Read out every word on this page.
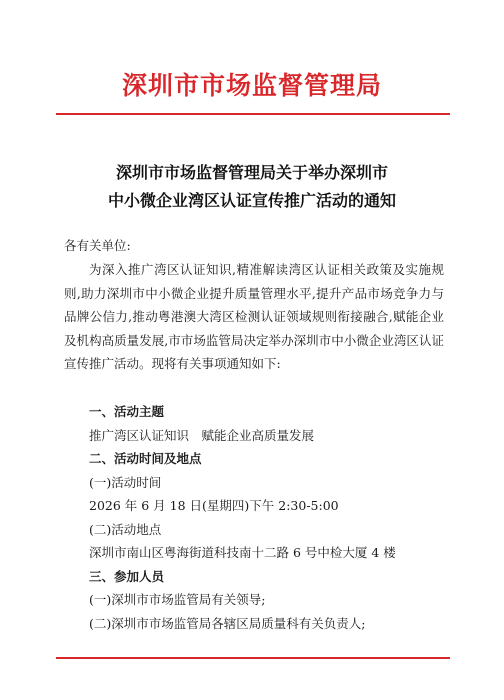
深圳市市场监督管理局
深圳市市场监督管理局关于举办深圳市
中小微企业湾区认证宣传推广活动的通知
各有关单位:
为深入推广湾区认证知识,精准解读湾区认证相关政策及实施规则,助力深圳市中小微企业提升质量管理水平,提升产品市场竞争力与品牌公信力,推动粤港澳大湾区检测认证领域规则衔接融合,赋能企业及机构高质量发展,市市场监管局决定举办深圳市中小微企业湾区认证宣传推广活动。现将有关事项通知如下:
一、活动主题
推广湾区认证知识　赋能企业高质量发展
二、活动时间及地点
(一)活动时间
2026 年 6 月 18 日(星期四)下午 2:30-5:00
(二)活动地点
深圳市南山区粤海街道科技南十二路 6 号中检大厦 4 楼
三、参加人员
(一)深圳市市场监管局有关领导;
(二)深圳市市场监管局各辖区局质量科有关负责人;
